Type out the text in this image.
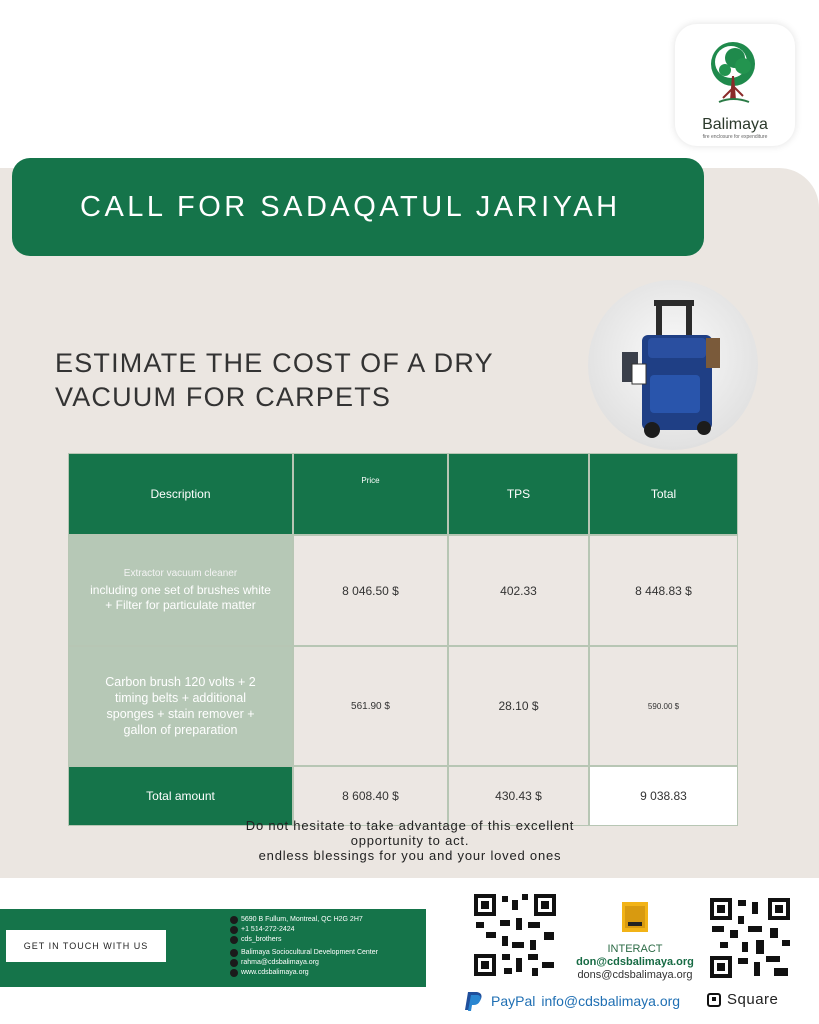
Balimaya
fire enclosure for expenditure
CALL FOR SADAQATUL JARIYAH
ESTIMATE THE COST OF A DRY
VACUUM FOR CARPETS
Description	Price	TPS	Total

Extractor vacuum cleaner
including one set of brushes white + Filter for particulate matter	8 046.50 $	402.33	8 448.83 $

Carbon brush 120 volts + 2 timing belts + additional sponges + stain remover + gallon of preparation	561.90 $	28.10 $	590.00 $
Total amount	8 608.40 $	430.43 $	9 038.83
Do not hesitate to take advantage of this excellent
opportunity to act.
endless blessings for you and your loved ones
GET IN TOUCH WITH US
5690 B Fullum, Montreal, QC H2G 2H7
+1 514-272-2424
cds_brothers
Balimaya Sociocultural Development Center
rahma@cdsbalimaya.org
www.cdsbalimaya.org
INTERACT
don@cdsbalimaya.org
dons@cdsbalimaya.org
PayPal info@cdsbalimaya.org	Square
